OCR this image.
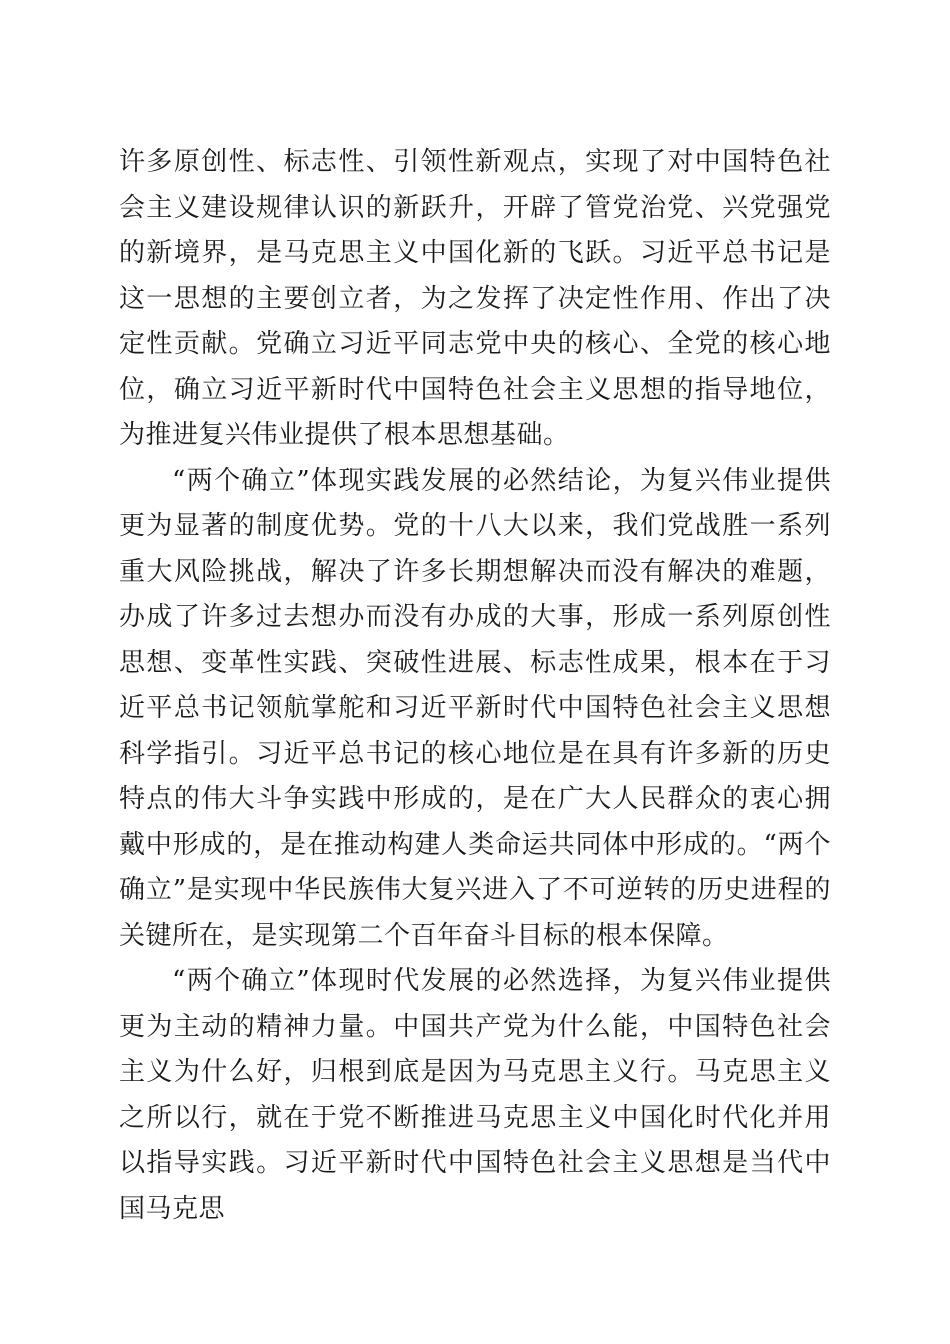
许多原创性、标志性、引领性新观点，实现了对中国特色社会主义建设规律认识的新跃升，开辟了管党治党、兴党强党的新境界，是马克思主义中国化新的飞跃。习近平总书记是这一思想的主要创立者，为之发挥了决定性作用、作出了决定性贡献。党确立习近平同志党中央的核心、全党的核心地位，确立习近平新时代中国特色社会主义思想的指导地位，为推进复兴伟业提供了根本思想基础。

“两个确立”体现实践发展的必然结论，为复兴伟业提供更为显著的制度优势。党的十八大以来，我们党战胜一系列重大风险挑战，解决了许多长期想解决而没有解决的难题，办成了许多过去想办而没有办成的大事，形成一系列原创性思想、变革性实践、突破性进展、标志性成果，根本在于习近平总书记领航掌舵和习近平新时代中国特色社会主义思想科学指引。习近平总书记的核心地位是在具有许多新的历史特点的伟大斗争实践中形成的，是在广大人民群众的衷心拥戴中形成的，是在推动构建人类命运共同体中形成的。“两个确立”是实现中华民族伟大复兴进入了不可逆转的历史进程的关键所在，是实现第二个百年奋斗目标的根本保障。

“两个确立”体现时代发展的必然选择，为复兴伟业提供更为主动的精神力量。中国共产党为什么能，中国特色社会主义为什么好，归根到底是因为马克思主义行。马克思主义之所以行，就在于党不断推进马克思主义中国化时代化并用以指导实践。习近平新时代中国特色社会主义思想是当代中国马克思
